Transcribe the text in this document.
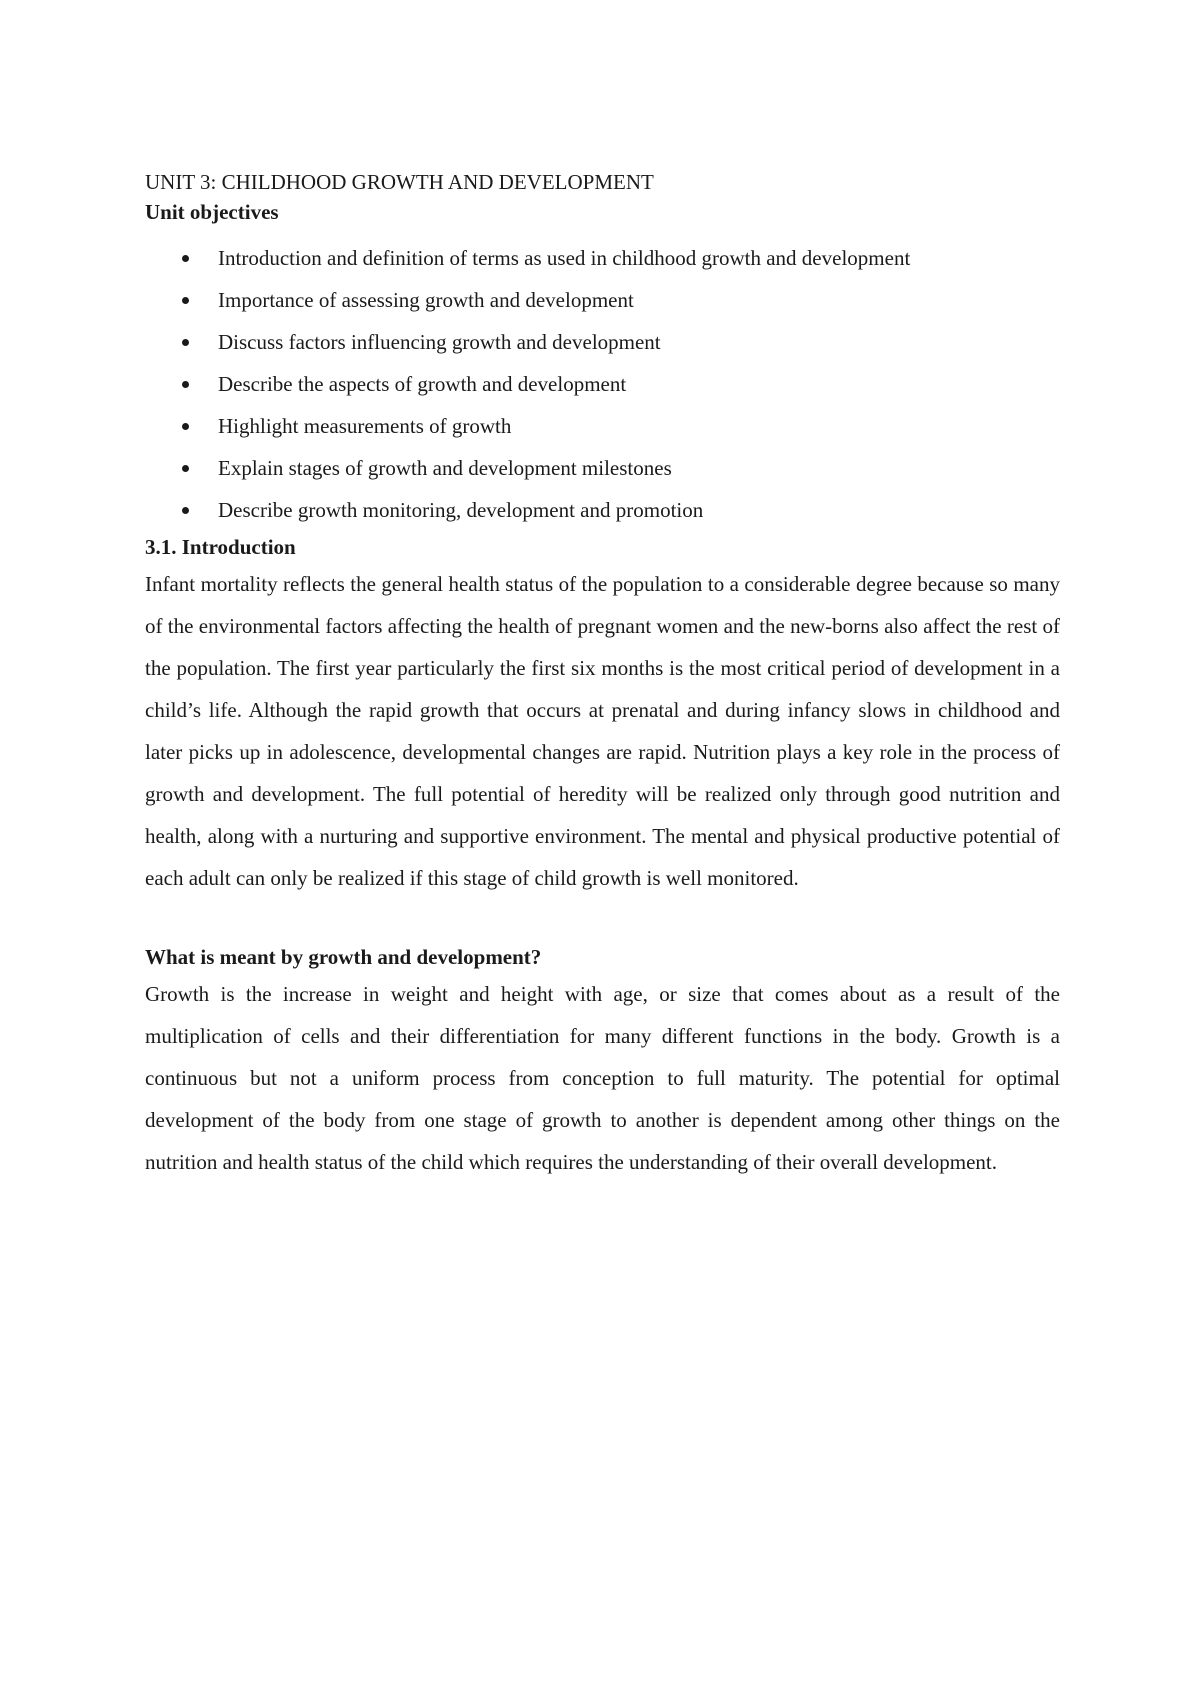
UNIT 3: CHILDHOOD GROWTH AND DEVELOPMENT
Unit objectives
Introduction and definition of terms as used in childhood growth and development
Importance of assessing growth and development
Discuss factors influencing growth and development
Describe the aspects of growth and development
Highlight measurements of growth
Explain stages of growth and development milestones
Describe growth monitoring, development and promotion
3.1. Introduction

Infant mortality reflects the general health status of the population to a considerable degree because so many of the environmental factors affecting the health of pregnant women and the new-borns also affect the rest of the population. The first year particularly the first six months is the most critical period of development in a child’s life. Although the rapid growth that occurs at prenatal and during infancy slows in childhood and later picks up in adolescence, developmental changes are rapid. Nutrition plays a key role in the process of growth and development. The full potential of heredity will be realized only through good nutrition and health, along with a nurturing and supportive environment. The mental and physical productive potential of each adult can only be realized if this stage of child growth is well monitored.

What is meant by growth and development?

Growth is the increase in weight and height with age, or size that comes about as a result of the multiplication of cells and their differentiation for many different functions in the body. Growth is a continuous but not a uniform process from conception to full maturity. The potential for optimal development of the body from one stage of growth to another is dependent among other things on the nutrition and health status of the child which requires the understanding of their overall development.
